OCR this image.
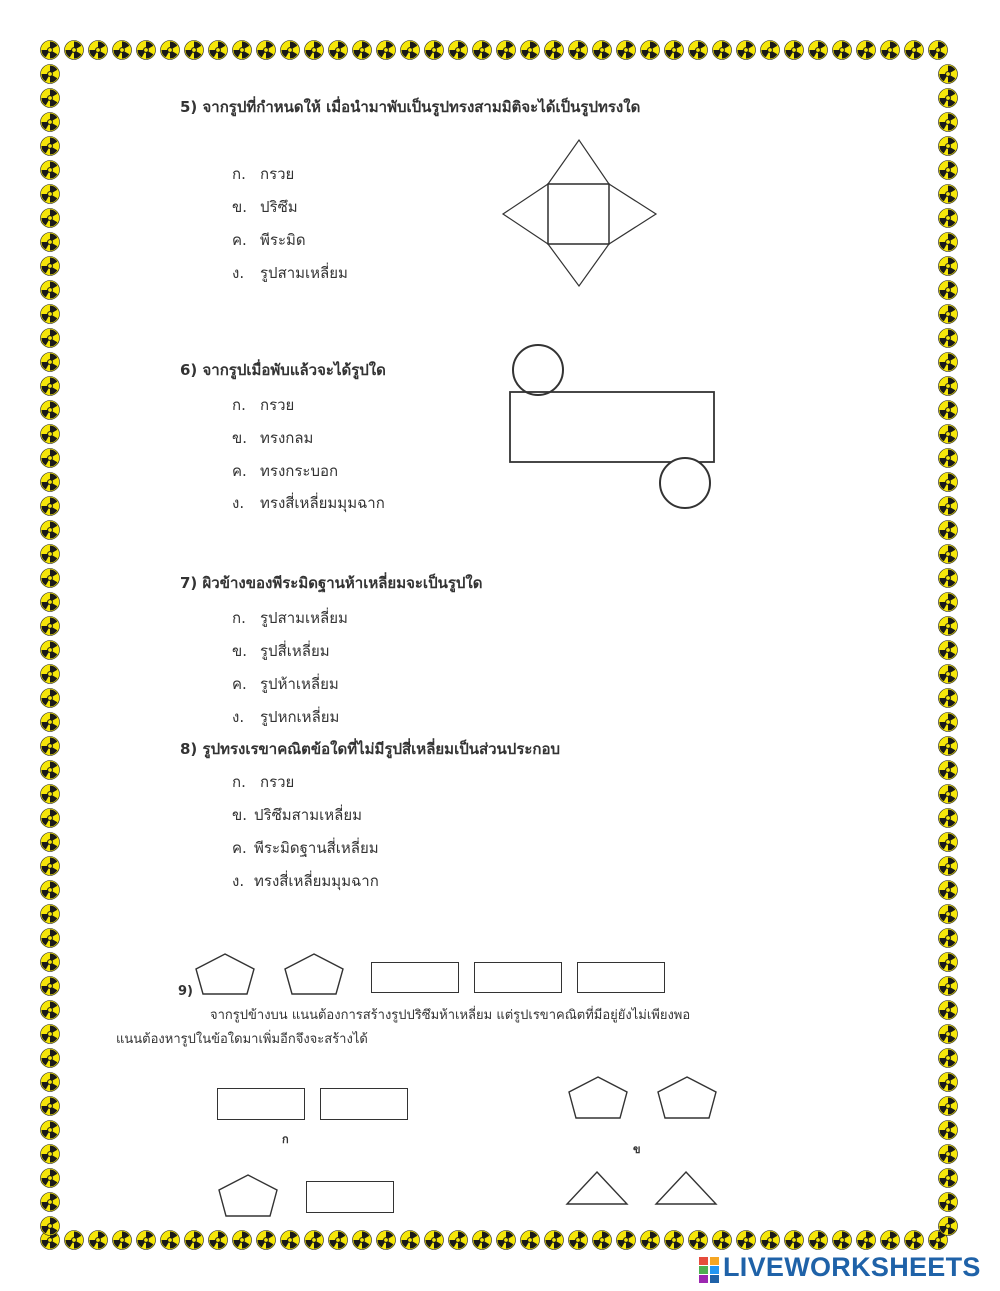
5) จากรูปที่กำหนดให้ เมื่อนำมาพับเป็นรูปทรงสามมิติจะได้เป็นรูปทรงใด
ก. กรวย
ข. ปริซึม
ค. พีระมิด
ง. รูปสามเหลี่ยม
6) จากรูปเมื่อพับแล้วจะได้รูปใด
ก. กรวย
ข. ทรงกลม
ค. ทรงกระบอก
ง. ทรงสี่เหลี่ยมมุมฉาก
7) ผิวข้างของพีระมิดฐานห้าเหลี่ยมจะเป็นรูปใด
ก. รูปสามเหลี่ยม
ข. รูปสี่เหลี่ยม
ค. รูปห้าเหลี่ยม
ง. รูปหกเหลี่ยม
8) รูปทรงเรขาคณิตข้อใดที่ไม่มีรูปสี่เหลี่ยมเป็นส่วนประกอบ
ก. กรวย
ข. ปริซึมสามเหลี่ยม
ค. พีระมิดฐานสี่เหลี่ยม
ง. ทรงสี่เหลี่ยมมุมฉาก
9)
จากรูปข้างบน แนนต้องการสร้างรูปปริซึมห้าเหลี่ยม แต่รูปเรขาคณิตที่มีอยู่ยังไม่เพียงพอ
แนนต้องหารูปในข้อใดมาเพิ่มอีกจึงจะสร้างได้
ก
ข
LIVEWORKSHEETS
